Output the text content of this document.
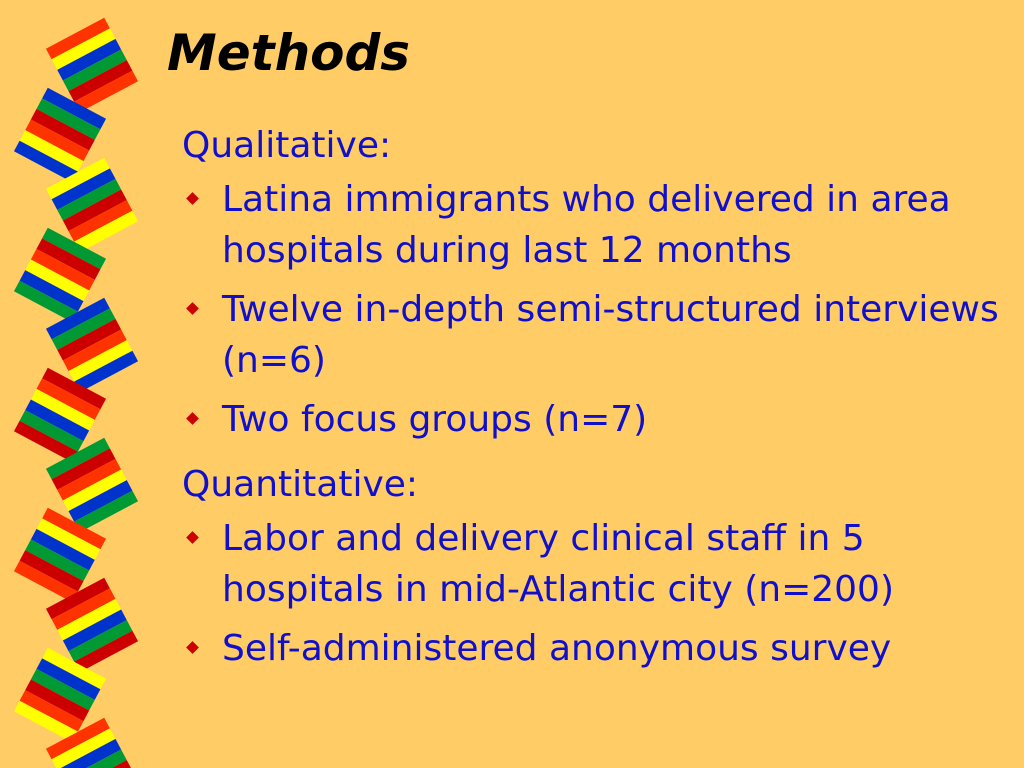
Methods
Qualitative:
Latina immigrants who delivered in area hospitals during last 12 months
Twelve in-depth semi-structured interviews (n=6)
Two focus groups (n=7)
Quantitative:
Labor and delivery clinical staff in 5 hospitals in mid-Atlantic city (n=200)
Self-administered anonymous survey
